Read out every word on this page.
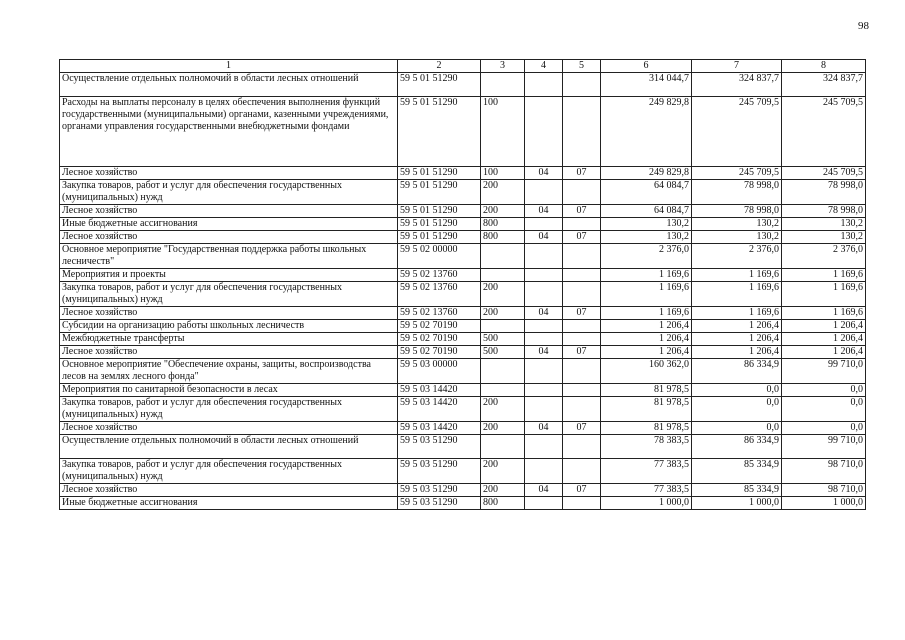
98
1	2	3	4	5	6	7	8
Осуществление отдельных полномочий в области лесных отношений	59 5 01 51290				314 044,7	324 837,7	324 837,7
Расходы на выплаты персоналу в целях обеспечения выполнения функций государственными (муниципальными) органами, казенными учреждениями, органами управления государственными внебюджетными фондами	59 5 01 51290	100			249 829,8	245 709,5	245 709,5
Лесное хозяйство	59 5 01 51290	100	04	07	249 829,8	245 709,5	245 709,5
Закупка товаров, работ и услуг для обеспечения государственных (муниципальных) нужд	59 5 01 51290	200			64 084,7	78 998,0	78 998,0
Лесное хозяйство	59 5 01 51290	200	04	07	64 084,7	78 998,0	78 998,0
Иные бюджетные ассигнования	59 5 01 51290	800			130,2	130,2	130,2
Лесное хозяйство	59 5 01 51290	800	04	07	130,2	130,2	130,2
Основное мероприятие "Государственная поддержка работы школьных лесничеств"	59 5 02 00000				2 376,0	2 376,0	2 376,0
Мероприятия и проекты	59 5 02 13760				1 169,6	1 169,6	1 169,6
Закупка товаров, работ и услуг для обеспечения государственных (муниципальных) нужд	59 5 02 13760	200			1 169,6	1 169,6	1 169,6
Лесное хозяйство	59 5 02 13760	200	04	07	1 169,6	1 169,6	1 169,6
Субсидии на организацию работы школьных лесничеств	59 5 02 70190				1 206,4	1 206,4	1 206,4
Межбюджетные трансферты	59 5 02 70190	500			1 206,4	1 206,4	1 206,4
Лесное хозяйство	59 5 02 70190	500	04	07	1 206,4	1 206,4	1 206,4
Основное мероприятие "Обеспечение охраны, защиты, воспроизводства лесов на землях лесного фонда"	59 5 03 00000				160 362,0	86 334,9	99 710,0
Мероприятия по санитарной безопасности в лесах	59 5 03 14420				81 978,5	0,0	0,0
Закупка товаров, работ и услуг для обеспечения государственных (муниципальных) нужд	59 5 03 14420	200			81 978,5	0,0	0,0
Лесное хозяйство	59 5 03 14420	200	04	07	81 978,5	0,0	0,0
Осуществление отдельных полномочий в области лесных отношений	59 5 03 51290				78 383,5	86 334,9	99 710,0
Закупка товаров, работ и услуг для обеспечения государственных (муниципальных) нужд	59 5 03 51290	200			77 383,5	85 334,9	98 710,0
Лесное хозяйство	59 5 03 51290	200	04	07	77 383,5	85 334,9	98 710,0
Иные бюджетные ассигнования	59 5 03 51290	800			1 000,0	1 000,0	1 000,0
